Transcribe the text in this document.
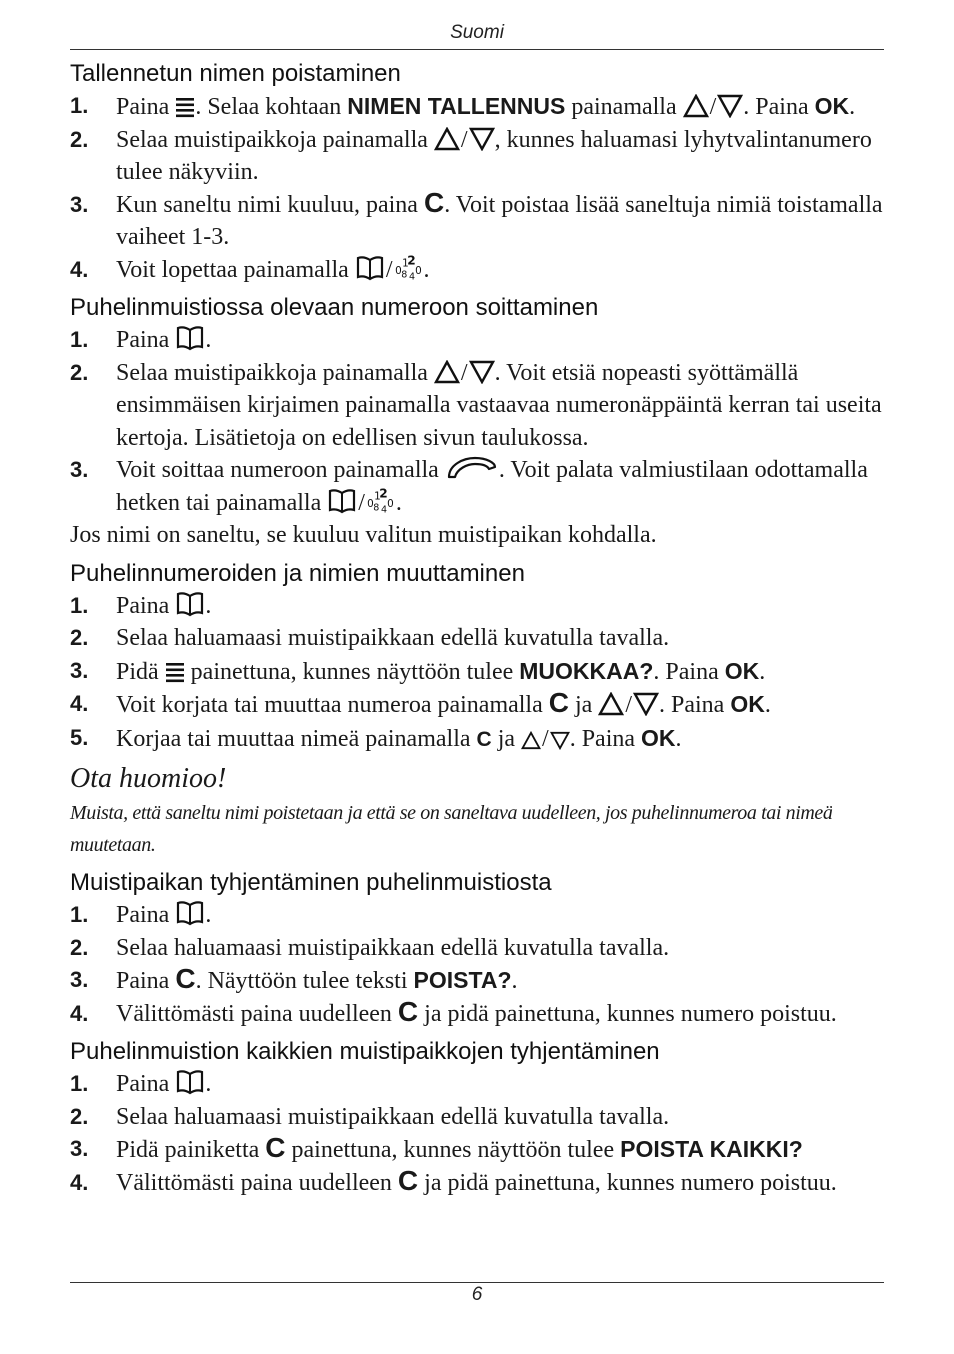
Suomi
Tallennetun nimen poistaminen
1.	Paina . Selaa kohtaan NIMEN TALLENNUS painamalla / . Paina OK.
2.	Selaa muistipaikkoja painamalla / , kunnes haluamasi lyhytvalintanumero tulee näkyviin.
3.	Kun saneltu nimi kuuluu, paina C. Voit poistaa lisää saneltuja nimiä toistamalla vaiheet 1-3.
4.	Voit lopettaa painamalla / .
Puhelinmuistiossa olevaan numeroon soittaminen
1.	Paina .
2.	Selaa muistipaikkoja painamalla / . Voit etsiä nopeasti syöttämällä ensimmäisen kirjaimen painamalla vastaavaa numeronäppäintä kerran tai useita kertoja. Lisätietoja on edellisen sivun taulukossa.
3.	Voit soittaa numeroon painamalla	. Voit palata valmiustilaan odottamalla hetken tai painamalla / .

Jos nimi on saneltu, se kuuluu valitun muistipaikan kohdalla.

Puhelinnumeroiden ja nimien muuttaminen
1.	Paina .
2.	Selaa haluamaasi muistipaikkaan edellä kuvatulla tavalla.
3.	Pidä painettuna, kunnes näyttöön tulee MUOKKAA?. Paina OK.
4.	Voit korjata tai muuttaa numeroa painamalla C ja / . Paina OK.
5.	Korjaa tai muuttaa nimeä painamalla C ja / . Paina OK.

Ota huomioo!

Muista, että saneltu nimi poistetaan ja että se on saneltava uudelleen, jos puhelinnumeroa tai nimeä muutetaan.

Muistipaikan tyhjentäminen puhelinmuistiosta
1.	Paina .
2.	Selaa haluamaasi muistipaikkaan edellä kuvatulla tavalla.
3.	Paina C. Näyttöön tulee teksti POISTA?.
4.	Välittömästi paina uudelleen C ja pidä painettuna, kunnes numero poistuu.
Puhelinmuistion kaikkien muistipaikkojen tyhjentäminen
1.	Paina .
2.	Selaa haluamaasi muistipaikkaan edellä kuvatulla tavalla.
3.	Pidä painiketta C painettuna, kunnes näyttöön tulee POISTA KAIKKI?
4.	Välittömästi paina uudelleen C ja pidä painettuna, kunnes numero poistuu.
6
